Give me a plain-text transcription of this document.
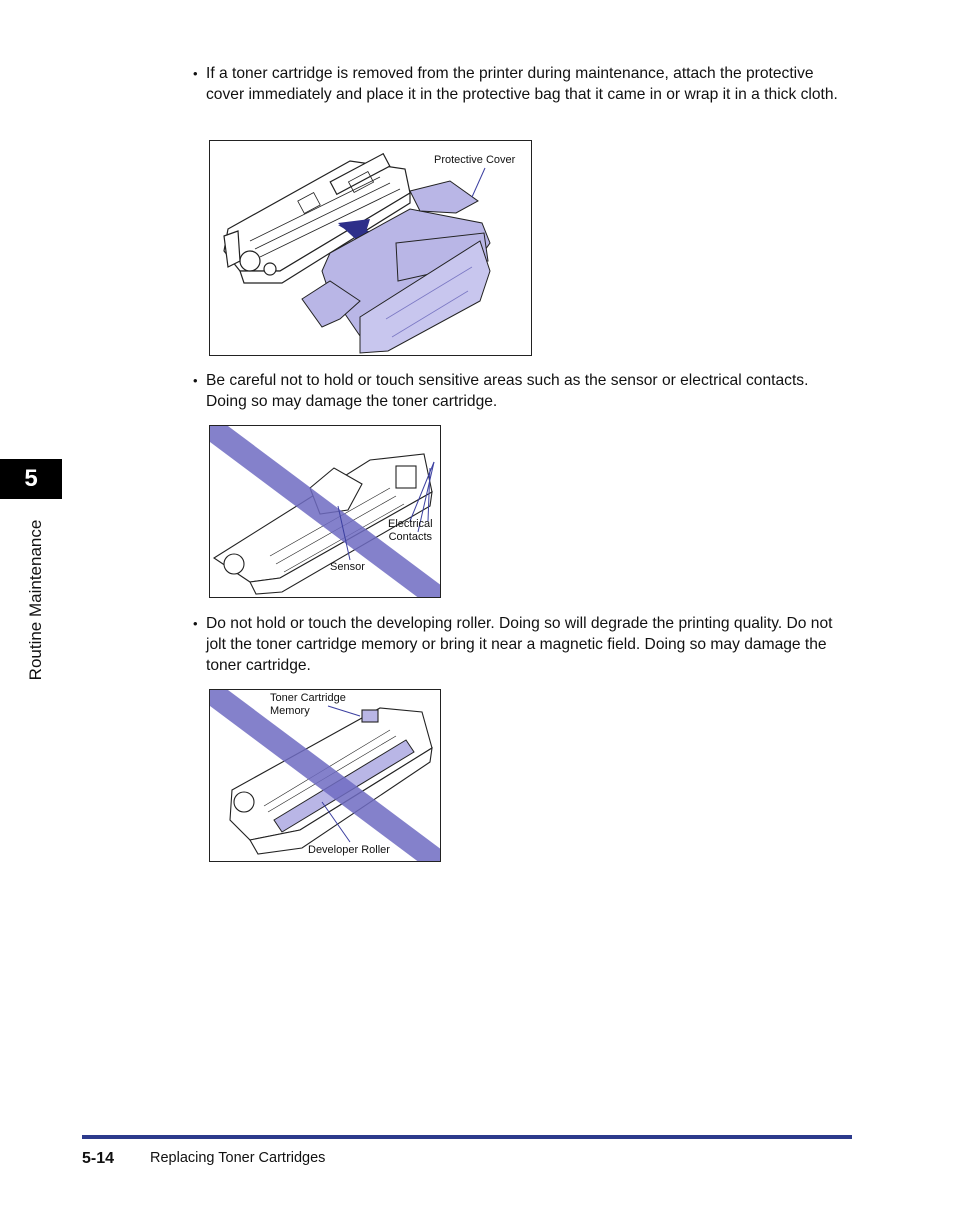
• If a toner cartridge is removed from the printer during maintenance, attach the protective cover immediately and place it in the protective bag that it came in or wrap it in a thick cloth.
Protective Cover
• Be careful not to hold or touch sensitive areas such as the sensor or electrical contacts. Doing so may damage the toner cartridge.
Electrical
Contacts
Sensor
• Do not hold or touch the developing roller. Doing so will degrade the printing quality. Do not jolt the toner cartridge memory or bring it near a magnetic field. Doing so may damage the toner cartridge.
Toner Cartridge
Memory
Developer Roller
5
Routine Maintenance
5-14 Replacing Toner Cartridges
